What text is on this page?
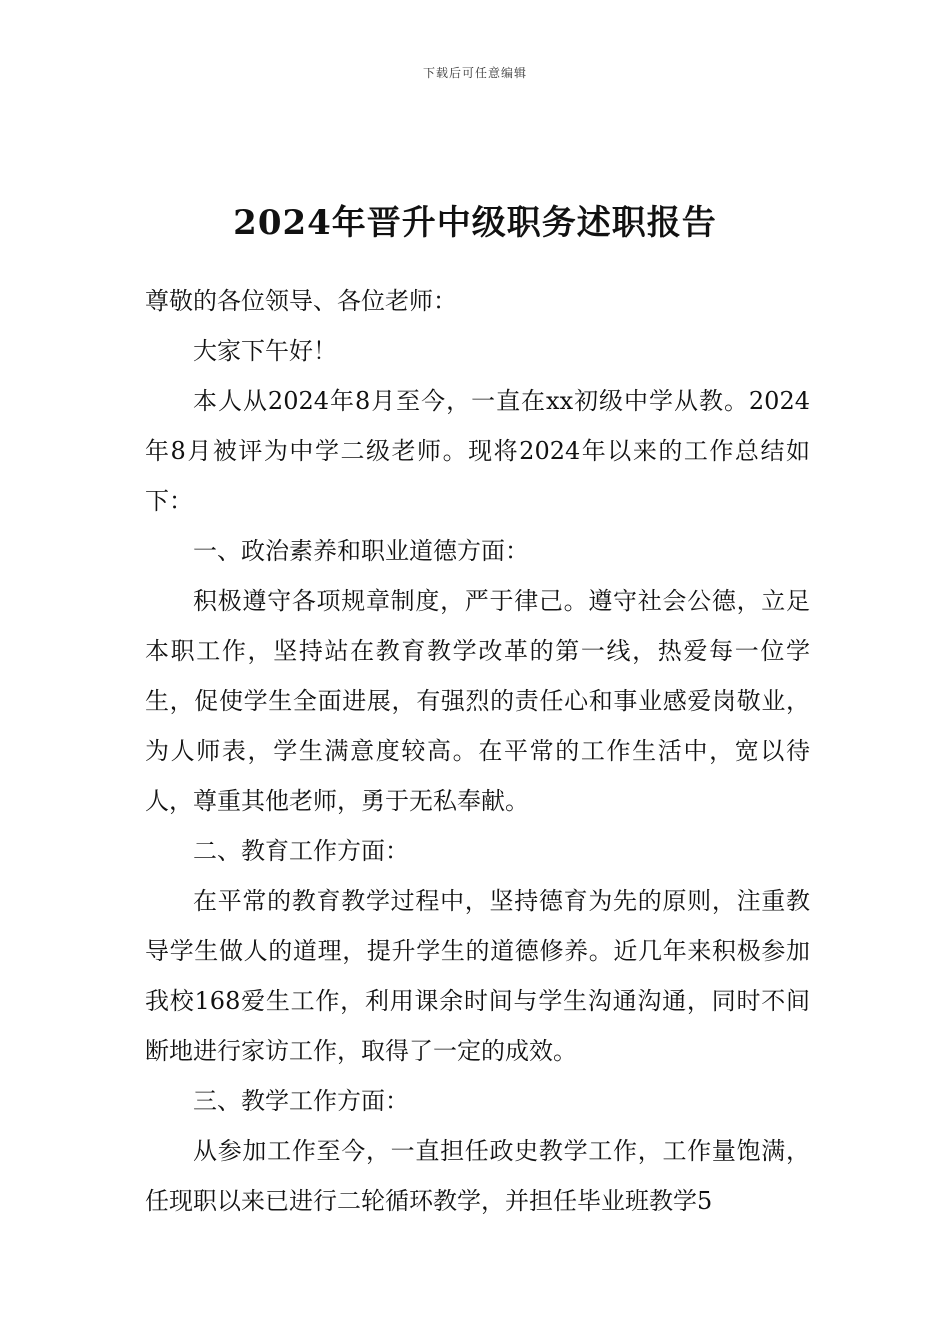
下载后可任意编辑
2024年晋升中级职务述职报告

尊敬的各位领导、各位老师：

大家下午好！

本人从2024年8月至今，一直在xx初级中学从教。2024年8月被评为中学二级老师。现将2024年以来的工作总结如下：

一、政治素养和职业道德方面：

积极遵守各项规章制度，严于律己。遵守社会公德，立足本职工作，坚持站在教育教学改革的第一线，热爱每一位学生，促使学生全面进展，有强烈的责任心和事业感爱岗敬业，为人师表，学生满意度较高。在平常的工作生活中，宽以待人，尊重其他老师，勇于无私奉献。

二、教育工作方面：

在平常的教育教学过程中，坚持德育为先的原则，注重教导学生做人的道理，提升学生的道德修养。近几年来积极参加我校168爱生工作，利用课余时间与学生沟通沟通，同时不间断地进行家访工作，取得了一定的成效。

三、教学工作方面：

从参加工作至今，一直担任政史教学工作，工作量饱满，任现职以来已进行二轮循环教学，并担任毕业班教学5
